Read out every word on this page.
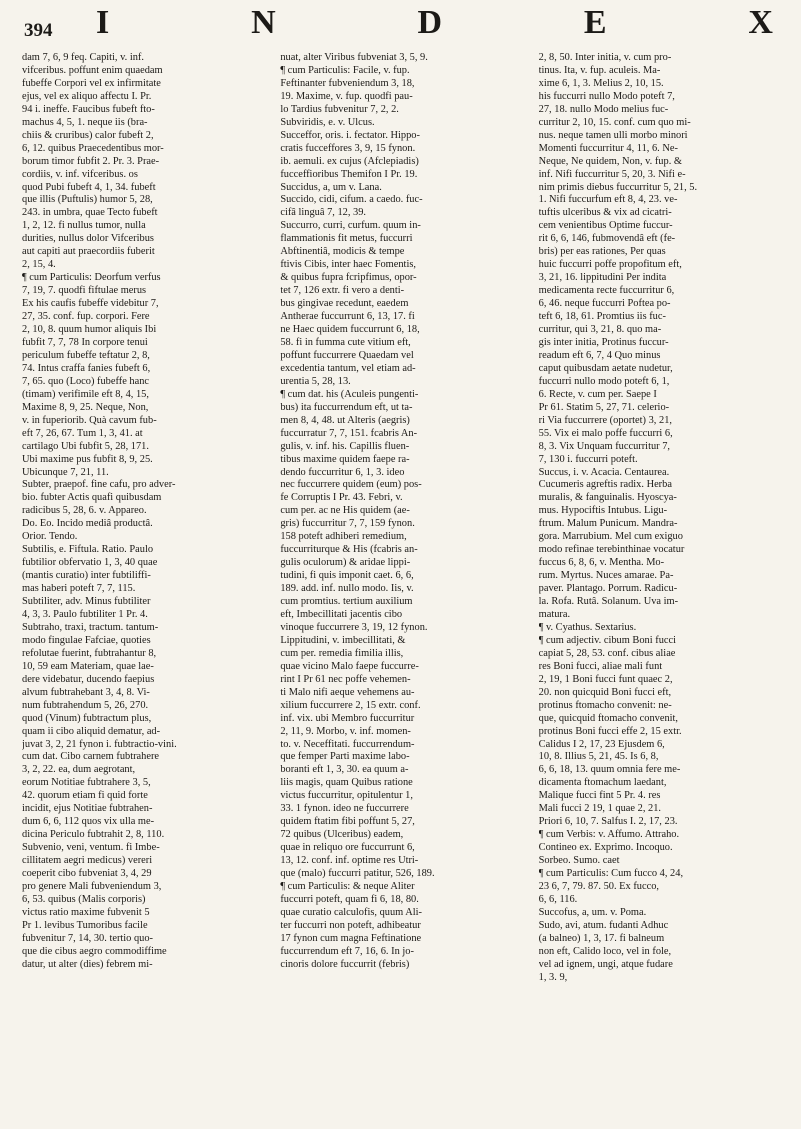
394	I	N	D	E	X
dam 7, 6, 9 feq. Capiti, v. inf.
vifceribus. poffunt enim quaedam
fubeffe Corpori vel ex infirmitate
ejus, vel ex aliquo affectu I. Pr.
94 i. ineffe. Faucibus fubeft fto-
machus 4, 5, 1. neque iis (bra-
chiis & cruribus) calor fubeft 2,
6, 12. quibus Praecedentibus mor-
borum timor fubfit 2. Pr. 3. Prae-
cordiis, v. inf. vifceribus. os
quod Pubi fubeft 4, 1, 34. fubeft
que illis (Puftulis) humor 5, 28,
243. in umbra, quae Tecto fubeft
1, 2, 12. fi nullus tumor, nulla
durities, nullus dolor Vifceribus
aut capiti aut praecordiis fuberit
2, 15, 4.
¶ cum Particulis: Deorfum verfus
7, 19, 7. quodfi fiftulae merus
Ex his caufis fubeffe videbitur 7,
27, 35. conf. fup. corpori. Fere
2, 10, 8. quum humor aliquis Ibi
fubfit 7, 7, 78 In corpore tenui
periculum fubeffe teftatur 2, 8,
74. Intus craffa fanies fubeft 6,
7, 65. quo (Loco) fubeffe hanc
(timam) verifimile eft 8, 4, 15,
Maxime 8, 9, 25. Neque, Non,
v. in fuperiorib. Quà cavum fub-
eft 7, 26, 67. Tum 1, 3, 41. at
cartilago Ubi fubfit 5, 28, 171.
Ubi maxime pus fubfit 8, 9, 25.
Ubicunque 7, 21, 11.
Subter, praepof. fine cafu, pro adver-
bio. fubter Actis quafi quibusdam
radicibus 5, 28, 6. v. Appareo.
Do. Eo. Incido mediâ productâ.
Orior. Tendo.
Subtilis, e. Fiftula. Ratio. Paulo
fubtilior obfervatio 1, 3, 40 quae
(mantis curatio) inter fubtiliffi-
mas haberi poteft 7, 7, 115.
Subtiliter, adv. Minus fubtiliter
4, 3, 3. Paulo fubtiliter 1 Pr. 4.
Subtraho, traxi, tractum. tantum-
modo fingulae Fafciae, quoties
refolutae fuerint, fubtrahantur 8,
10, 59 eam Materiam, quae lae-
dere videbatur, ducendo faepius
alvum fubtrahebant 3, 4, 8. Vi-
num fubtrahendum 5, 26, 270.
quod (Vinum) fubtractum plus,
quam ii cibo aliquid dematur, ad-
juvat 3, 2, 21 fynon i. fubtractio-vini.
cum dat. Cibo carnem fubtrahere
3, 2, 22. ea, dum aegrotant,
eorum Notitiae fubtrahere 3, 5,
42. quorum etiam fi quid forte
incidit, ejus Notitiae fubtrahen-
dum 6, 6, 112 quos vix ulla me-
dicina Periculo fubtrahit 2, 8, 110.
Subvenio, veni, ventum. fi Imbe-
cillitatem aegri medicus) vereri
coeperit cibo fubveniat 3, 4, 29
pro genere Mali fubveniendum 3,
6, 53. quibus (Malis corporis)
victus ratio maxime fubvenit 5
Pr 1. levibus Tumoribus facile
fubvenitur 7, 14, 30. tertio quo-
que die cibus aegro commodiffime
datur, ut alter (dies) febrem mi-
nuat, alter Viribus fubveniat 3, 5, 9.
¶ cum Particulis: Facile, v. fup.
Feftinanter fubveniendum 3, 18,
19. Maxime, v. fup. quodfi pau-
lo Tardius fubvenitur 7, 2, 2.
Subviridis, e. v. Ulcus.
Succeffor, oris. i. fectator. Hippo-
cratis fucceffores 3, 9, 15 fynon.
ib. aemuli. ex cujus (Afclepiadis)
fucceffioribus Themifon I Pr. 19.
Succidus, a, um v. Lana.
Succido, cidi, cifum. a caedo. fuc-
cifâ linguâ 7, 12, 39.
Succurro, curri, curfum. quum in-
flammationis fit metus, fuccurri
Abftinentiâ, modicis & tempe
ftivis Cibis, inter haec Fomentis,
& quibus fupra fcripfimus, opor-
tet 7, 126 extr. fi vero a denti-
bus gingivae recedunt, eaedem
Antherae fuccurrunt 6, 13, 17. fi
ne Haec quidem fuccurrunt 6, 18,
58. fi in fumma cute vitium eft,
poffunt fuccurrere Quaedam vel
excedentia tantum, vel etiam ad-
urentia 5, 28, 13.
¶ cum dat. his (Aculeis pungenti-
bus) ita fuccurrendum eft, ut ta-
men 8, 4, 48. ut Alteris (aegris)
fuccurratur 7, 7, 151. fcabris An-
gulis, v. inf. his. Capillis fluen-
tibus maxime quidem faepe ra-
dendo fuccurritur 6, 1, 3. ideo
nec fuccurrere quidem (eum) pos-
fe Corruptis I Pr. 43. Febri, v.
cum per. ac ne His quidem (ae-
gris) fuccurritur 7, 7, 159 fynon.
158 poteft adhiberi remedium,
fuccurriturque & His (fcabris an-
gulis oculorum) & aridae lippi-
tudini, fi quis imponit caet. 6, 6,
189. add. inf. nullo modo. Iis, v.
cum promtius. tertium auxilium
eft, Imbecillitati jacentis cibo
vinoque fuccurrere 3, 19, 12 fynon.
Lippitudini, v. imbecillitati, &
cum per. remedia fimilia illis,
quae vicino Malo faepe fuccurre-
rint I Pr 61 nec poffe vehemen-
ti Malo nifi aeque vehemens au-
xilium fuccurrere 2, 15 extr. conf.
inf. vix. ubi Membro fuccurritur
2, 11, 9. Morbo, v. inf. momen-
to. v. Neceffitati. fuccurrendum-
que femper Parti maxime labo-
boranti eft 1, 3, 30. ea quum a-
liis magis, quam Quibus ratione
victus fuccurritur, opitulentur 1,
33. 1 fynon. ideo ne fuccurrere
quidem ftatim fibi poffunt 5, 27,
72 quibus (Ulceribus) eadem,
quae in reliquo ore fuccurrunt 6,
13, 12. conf. inf. optime res Utri-
que (malo) fuccurri patitur, 526, 189.
¶ cum Particulis: & neque Aliter
fuccurri poteft, quam fi 6, 18, 80.
quae curatio calculofis, quum Ali-
ter fuccurri non poteft, adhibeatur
17 fynon cum magna Feftinatione
fuccurrendum eft 7, 16, 6. In jo-
cinoris dolore fuccurrit (febris)
2, 8, 50. Inter initia, v. cum pro-
tinus. Ita, v. fup. aculeis. Ma-
xime 6, 1, 3. Melius 2, 10, 15.
his fuccurri nullo Modo poteft 7,
27, 18. nullo Modo melius fuc-
curritur 2, 10, 15. conf. cum quo mi-
nus. neque tamen ulli morbo minori
Momenti fuccurritur 4, 11, 6. Ne-
Neque, Ne quidem, Non, v. fup. &
inf. Nifi fuccurritur 5, 20, 3. Nifi e-
nim primis diebus fuccurritur 5, 21, 5.
1. Nifi fuccurfum eft 8, 4, 23. ve-
tuftis ulceribus & vix ad cicatri-
cem venientibus Optime fuccur-
rit 6, 6, 146, fubmovendâ eft (fe-
bris) per eas rationes, Per quas
huic fuccurri poffe propofitum eft,
3, 21, 16. lippitudini Per indita
medicamenta recte fuccurritur 6,
6, 46. neque fuccurri Poftea po-
teft 6, 18, 61. Promtius iis fuc-
curritur, qui 3, 21, 8. quo ma-
gis inter initia, Protinus fuccur-
readum eft 6, 7, 4 Quo minus
caput quibusdam aetate nudetur,
fuccurri nullo modo poteft 6, 1,
6. Recte, v. cum per. Saepe I
Pr 61. Statim 5, 27, 71. celerio-
ri Via fuccurrere (oportet) 3, 21,
55. Vix ei malo poffe fuccurri 6,
8, 3. Vix Unquam fuccurritur 7,
7, 130 i. fuccurri poteft.
Succus, i. v. Acacia. Centaurea.
Cucumeris agreftis radix. Herba
muralis, & fanguinalis. Hyoscya-
mus. Hypociftis Intubus. Ligu-
ftrum. Malum Punicum. Mandra-
gora. Marrubium. Mel cum exiguo
modo refinae terebinthinae vocatur
fuccus 6, 8, 6, v. Mentha. Mo-
rum. Myrtus. Nuces amarae. Pa-
paver. Plantago. Porrum. Radicu-
la. Rofa. Rutâ. Solanum. Uva im-
matura.
¶ v. Cyathus. Sextarius.
¶ cum adjectiv. cibum Boni fucci
capiat 5, 28, 53. conf. cibus aliae
res Boni fucci, aliae mali funt
2, 19, 1 Boni fucci funt quaec 2,
20. non quicquid Boni fucci eft,
protinus ftomacho convenit: ne-
que, quicquid ftomacho convenit,
protinus Boni fucci effe 2, 15 extr.
Calidus I 2, 17, 23 Ejusdem 6,
10, 8. Illius 5, 21, 45. Is 6, 8,
6, 6, 18, 13. quum omnia fere me-
dicamenta ftomachum laedant,
Malique fucci fint 5 Pr. 4. res
Mali fucci 2 19, 1 quae 2, 21.
Priori 6, 10, 7. Salfus I. 2, 17, 23.
¶ cum Verbis: v. Affumo. Attraho.
Contineo ex. Exprimo. Incoquo.
Sorbeo. Sumo. caet
¶ cum Particulis: Cum fucco 4, 24,
23 6, 7, 79. 87. 50. Ex fucco,
6, 6, 116.
Succofus, a, um. v. Poma.
Sudo, avi, atum. fudanti Adhuc
(a balneo) 1, 3, 17. fi balneum
non eft, Calido loco, vel in fole,
vel ad ignem, ungi, atque fudare
1, 3. 9,
